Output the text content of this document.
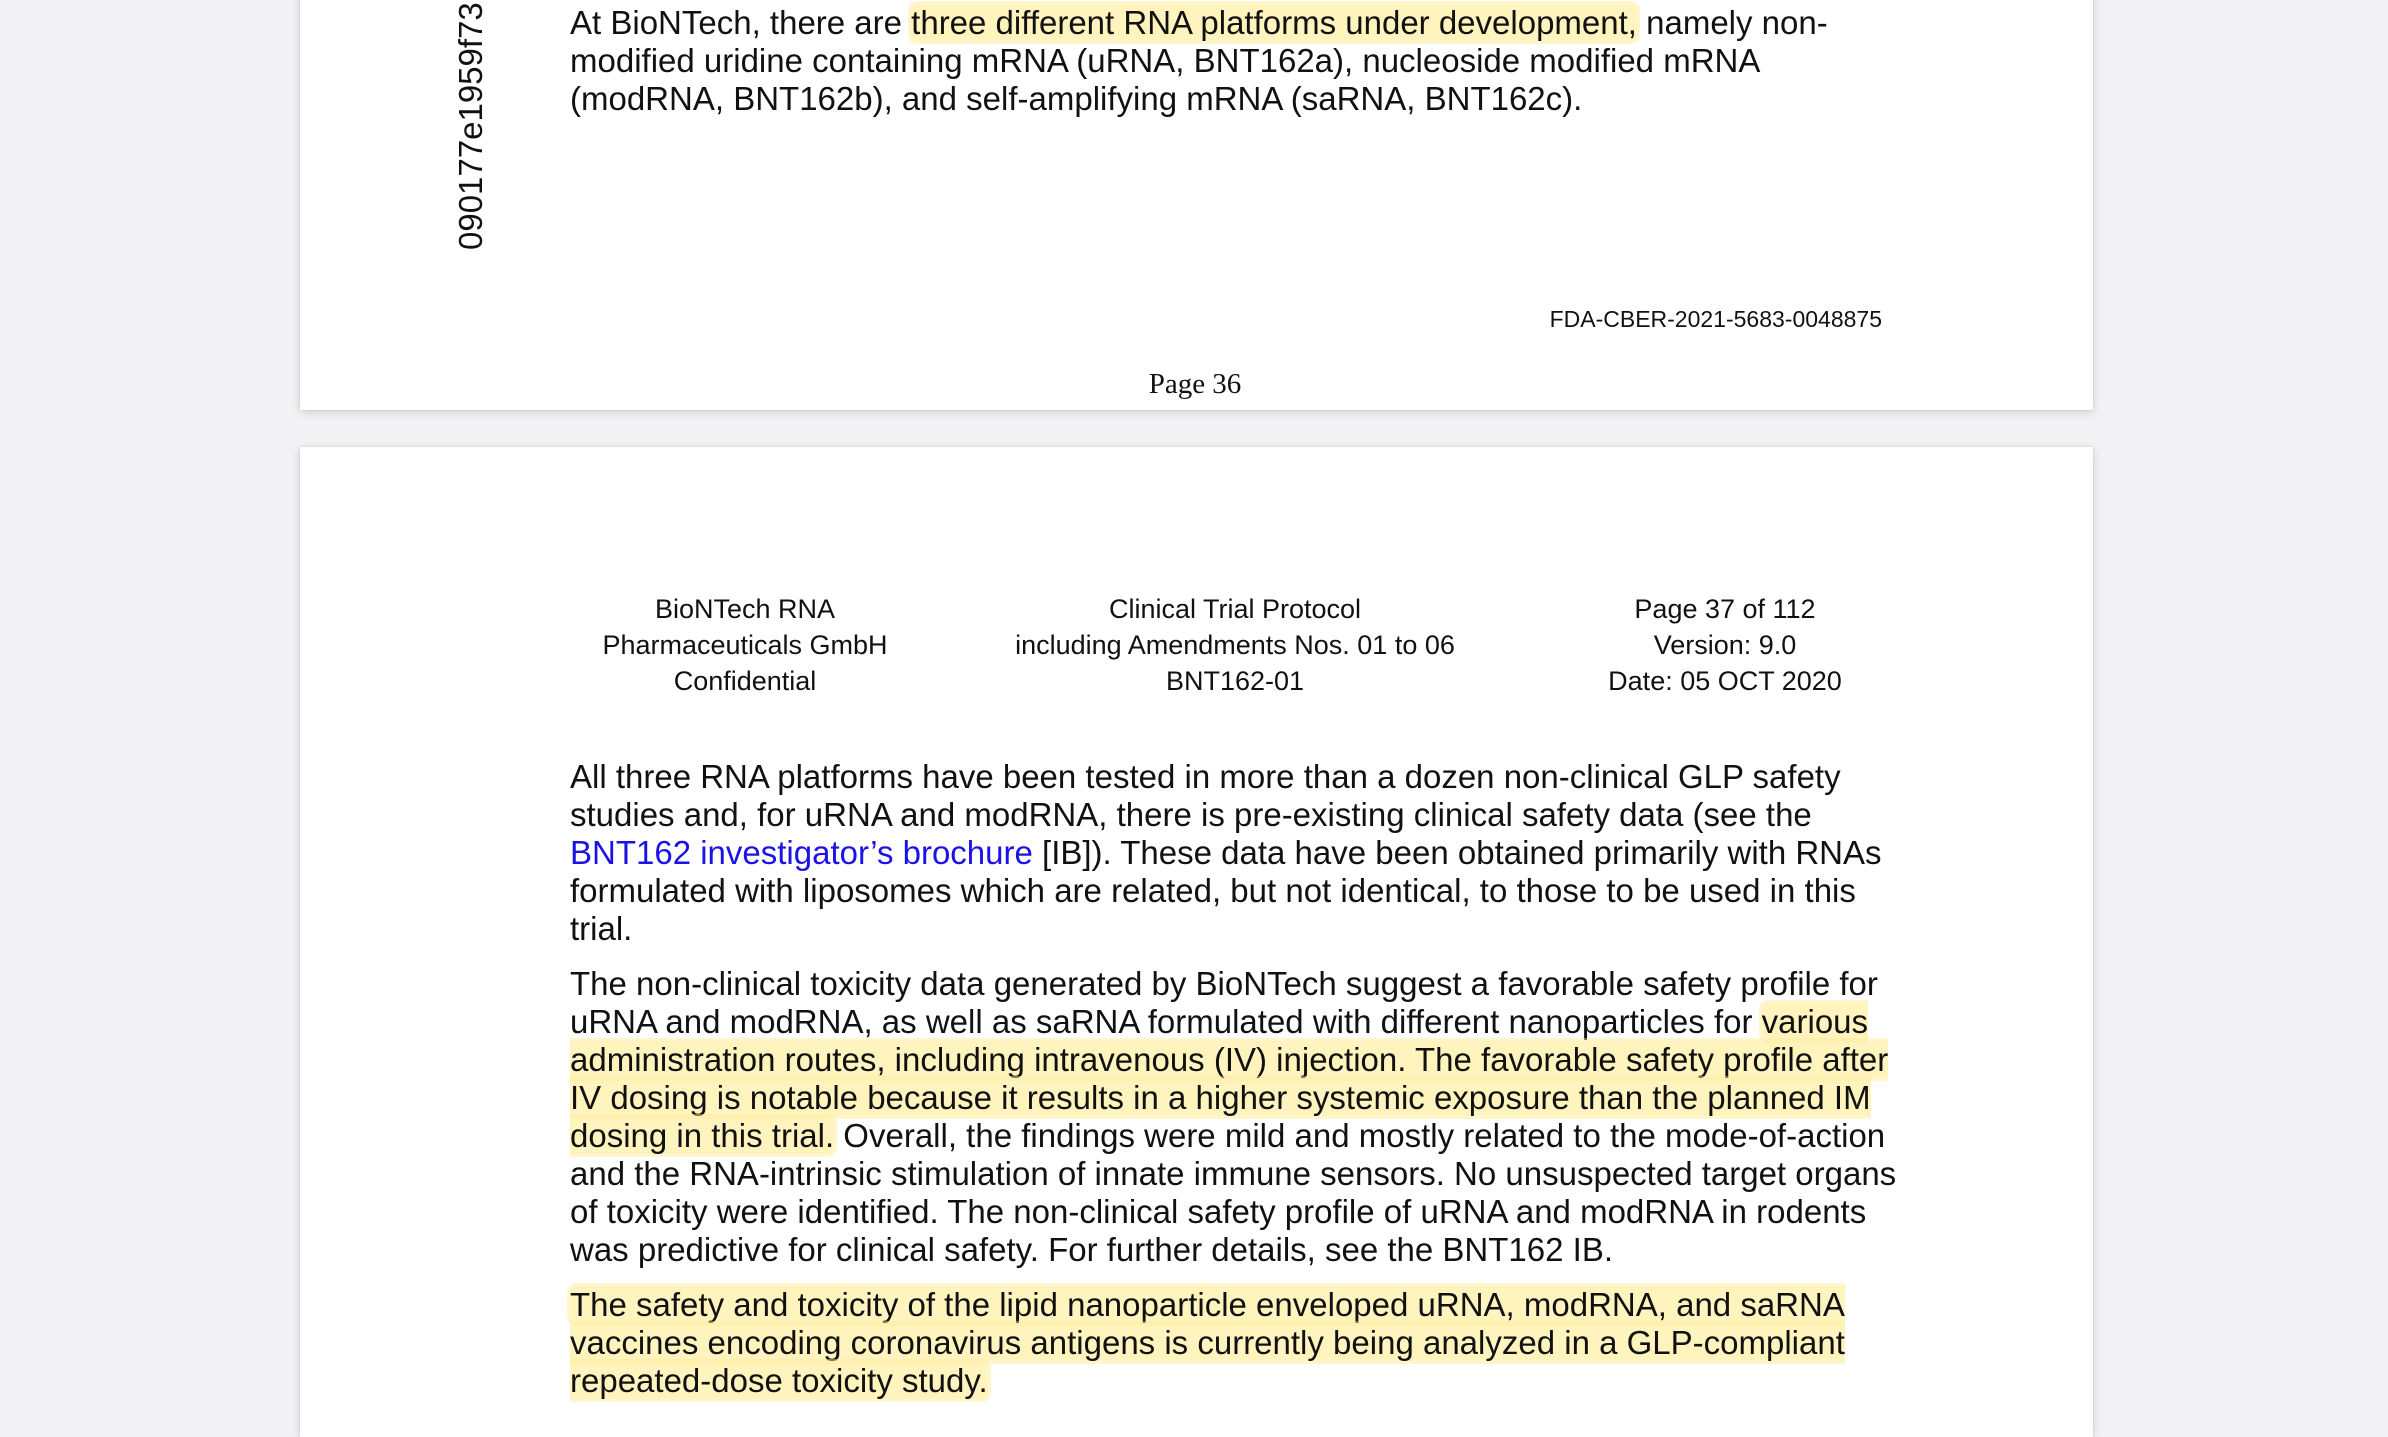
090177e1959f73 At BioNTech, there are three different RNA platforms under development, namely non-modified uridine containing mRNA (uRNA, BNT162a), nucleoside modified mRNA (modRNA, BNT162b), and self-amplifying mRNA (saRNA, BNT162c).

FDA-CBER-2021-5683-0048875
Page 36
BioNTech RNA
Pharmaceuticals GmbH
Confidential
Clinical Trial Protocol
including Amendments Nos. 01 to 06
BNT162-01
Page 37 of 112
Version: 9.0
Date: 05 OCT 2020

All three RNA platforms have been tested in more than a dozen non-clinical GLP safety studies and, for uRNA and modRNA, there is pre-existing clinical safety data (see the BNT162 investigator’s brochure [IB]). These data have been obtained primarily with RNAs formulated with liposomes which are related, but not identical, to those to be used in this trial.

The non-clinical toxicity data generated by BioNTech suggest a favorable safety profile for uRNA and modRNA, as well as saRNA formulated with different nanoparticles for various administration routes, including intravenous (IV) injection. The favorable safety profile after IV dosing is notable because it results in a higher systemic exposure than the planned IM dosing in this trial. Overall, the findings were mild and mostly related to the mode-of-action and the RNA-intrinsic stimulation of innate immune sensors. No unsuspected target organs of toxicity were identified. The non-clinical safety profile of uRNA and modRNA in rodents was predictive for clinical safety. For further details, see the BNT162 IB.

The safety and toxicity of the lipid nanoparticle enveloped uRNA, modRNA, and saRNA vaccines encoding coronavirus antigens is currently being analyzed in a GLP-compliant repeated-dose toxicity study.
